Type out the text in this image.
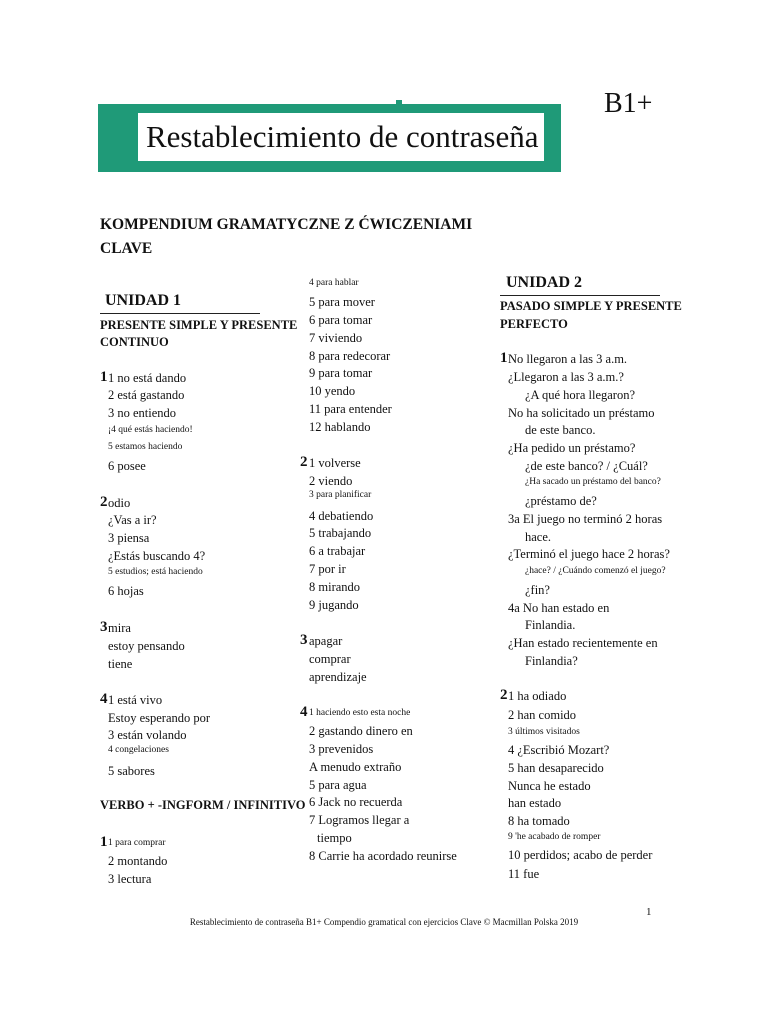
Restablecimiento de contraseña
B1+
KOMPENDIUM GRAMATYCZNE Z ĆWICZENIAMI
CLAVE
UNIDAD 1
PRESENTE SIMPLE Y PRESENTE
CONTINUO
1 1 no está dando
2 está gastando
3 no entiendo
¡4 qué estás haciendo!
5 estamos haciendo
6 posee
2 odio
¿Vas a ir?
3 piensa
¿Estás buscando 4?
5 estudios; está haciendo
6 hojas
3 mira
estoy pensando
tiene
4 1 está vivo
Estoy esperando por
3 están volando
4 congelaciones
5 sabores
VERBO + -INGFORM / INFINITIVO
1 1 para comprar
2 montando
3 lectura
4 para hablar
5 para mover
6 para tomar
7 viviendo
8 para redecorar
9 para tomar
10 yendo
11 para entender
12 hablando
2 1 volverse
2 viendo
3 para planificar
4 debatiendo
5 trabajando
6 a trabajar
7 por ir
8 mirando
9 jugando
3 apagar
comprar
aprendizaje
4 1 haciendo esto esta noche
2 gastando dinero en
3 prevenidos
A menudo extraño
5 para agua
6 Jack no recuerda
7 Logramos llegar a
tiempo
8 Carrie ha acordado reunirse
UNIDAD 2
PASADO SIMPLE Y PRESENTE
PERFECTO
1 No llegaron a las 3 a.m.
¿Llegaron a las 3 a.m.?
¿A qué hora llegaron?
No ha solicitado un préstamo
de este banco.
¿Ha pedido un préstamo?
¿de este banco? / ¿Cuál?
¿Ha sacado un préstamo del banco?
¿préstamo de?
3a El juego no terminó 2 horas
hace.
¿Terminó el juego hace 2 horas?
¿hace? / ¿Cuándo comenzó el juego?
¿fin?
4a No han estado en
Finlandia.
¿Han estado recientemente en
Finlandia?
2 1 ha odiado
2 han comido
3 últimos visitados
4 ¿Escribió Mozart?
5 han desaparecido
Nunca he estado
han estado
8 ha tomado
9 'he acabado de romper
10 perdidos; acabo de perder
11 fue
1
Restablecimiento de contraseña B1+ Compendio gramatical con ejercicios Clave © Macmillan Polska 2019
